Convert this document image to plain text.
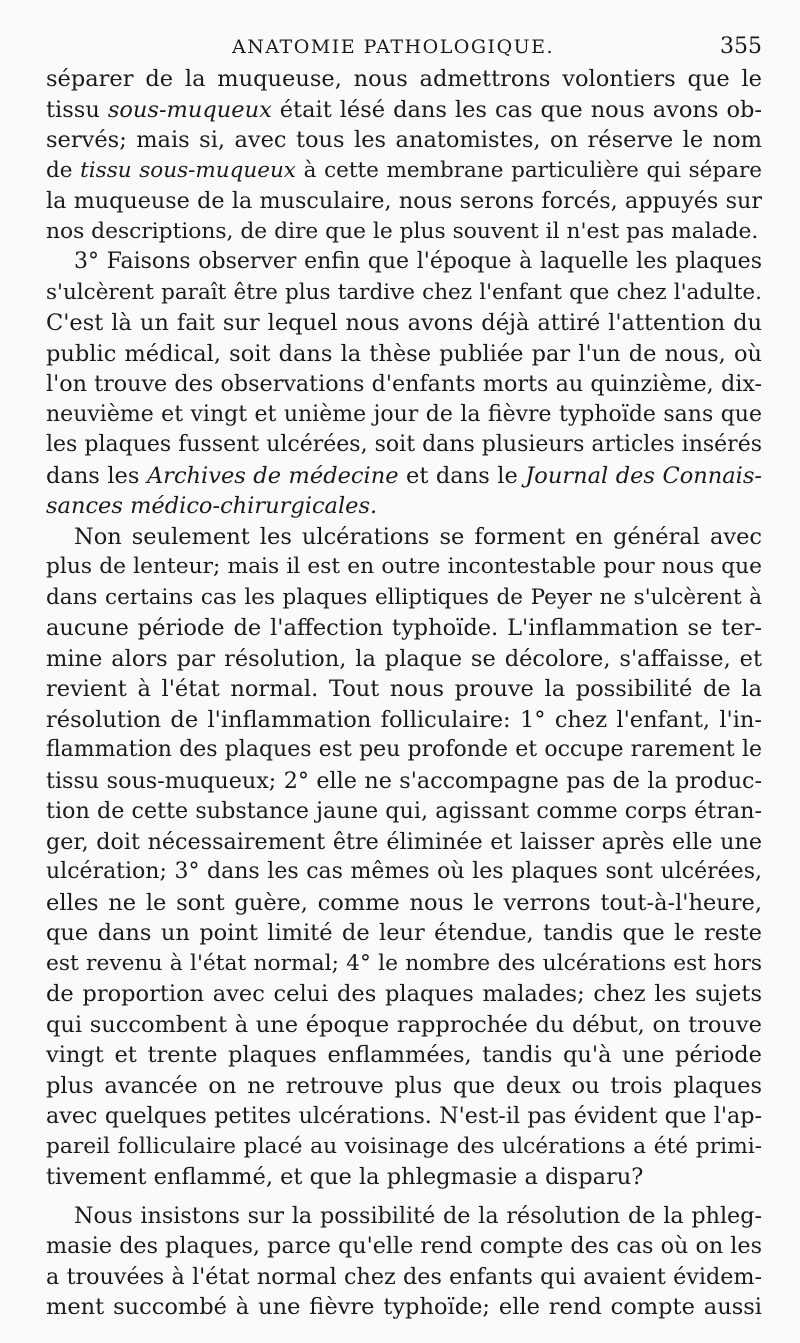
ANATOMIE PATHOLOGIQUE.	355
séparer de la muqueuse, nous admettrons volontiers que le
tissu sous-muqueux était lésé dans les cas que nous avons ob-
servés; mais si, avec tous les anatomistes, on réserve le nom
de tissu sous-muqueux à cette membrane particulière qui sépare
la muqueuse de la musculaire, nous serons forcés, appuyés sur
nos descriptions, de dire que le plus souvent il n'est pas malade.
3° Faisons observer enfin que l'époque à laquelle les plaques
s'ulcèrent paraît être plus tardive chez l'enfant que chez l'adulte.
C'est là un fait sur lequel nous avons déjà attiré l'attention du
public médical, soit dans la thèse publiée par l'un de nous, où
l'on trouve des observations d'enfants morts au quinzième, dix-
neuvième et vingt et unième jour de la fièvre typhoïde sans que
les plaques fussent ulcérées, soit dans plusieurs articles insérés
dans les Archives de médecine et dans le Journal des Connais-
sances médico-chirurgicales.
Non seulement les ulcérations se forment en général avec
plus de lenteur; mais il est en outre incontestable pour nous que
dans certains cas les plaques elliptiques de Peyer ne s'ulcèrent à
aucune période de l'affection typhoïde. L'inflammation se ter-
mine alors par résolution, la plaque se décolore, s'affaisse, et
revient à l'état normal. Tout nous prouve la possibilité de la
résolution de l'inflammation folliculaire: 1° chez l'enfant, l'in-
flammation des plaques est peu profonde et occupe rarement le
tissu sous-muqueux; 2° elle ne s'accompagne pas de la produc-
tion de cette substance jaune qui, agissant comme corps étran-
ger, doit nécessairement être éliminée et laisser après elle une
ulcération; 3° dans les cas mêmes où les plaques sont ulcérées,
elles ne le sont guère, comme nous le verrons tout-à-l'heure,
que dans un point limité de leur étendue, tandis que le reste
est revenu à l'état normal; 4° le nombre des ulcérations est hors
de proportion avec celui des plaques malades; chez les sujets
qui succombent à une époque rapprochée du début, on trouve
vingt et trente plaques enflammées, tandis qu'à une période
plus avancée on ne retrouve plus que deux ou trois plaques
avec quelques petites ulcérations. N'est-il pas évident que l'ap-
pareil folliculaire placé au voisinage des ulcérations a été primi-
tivement enflammé, et que la phlegmasie a disparu?
Nous insistons sur la possibilité de la résolution de la phleg-
masie des plaques, parce qu'elle rend compte des cas où on les
a trouvées à l'état normal chez des enfants qui avaient évidem-
ment succombé à une fièvre typhoïde; elle rend compte aussi
